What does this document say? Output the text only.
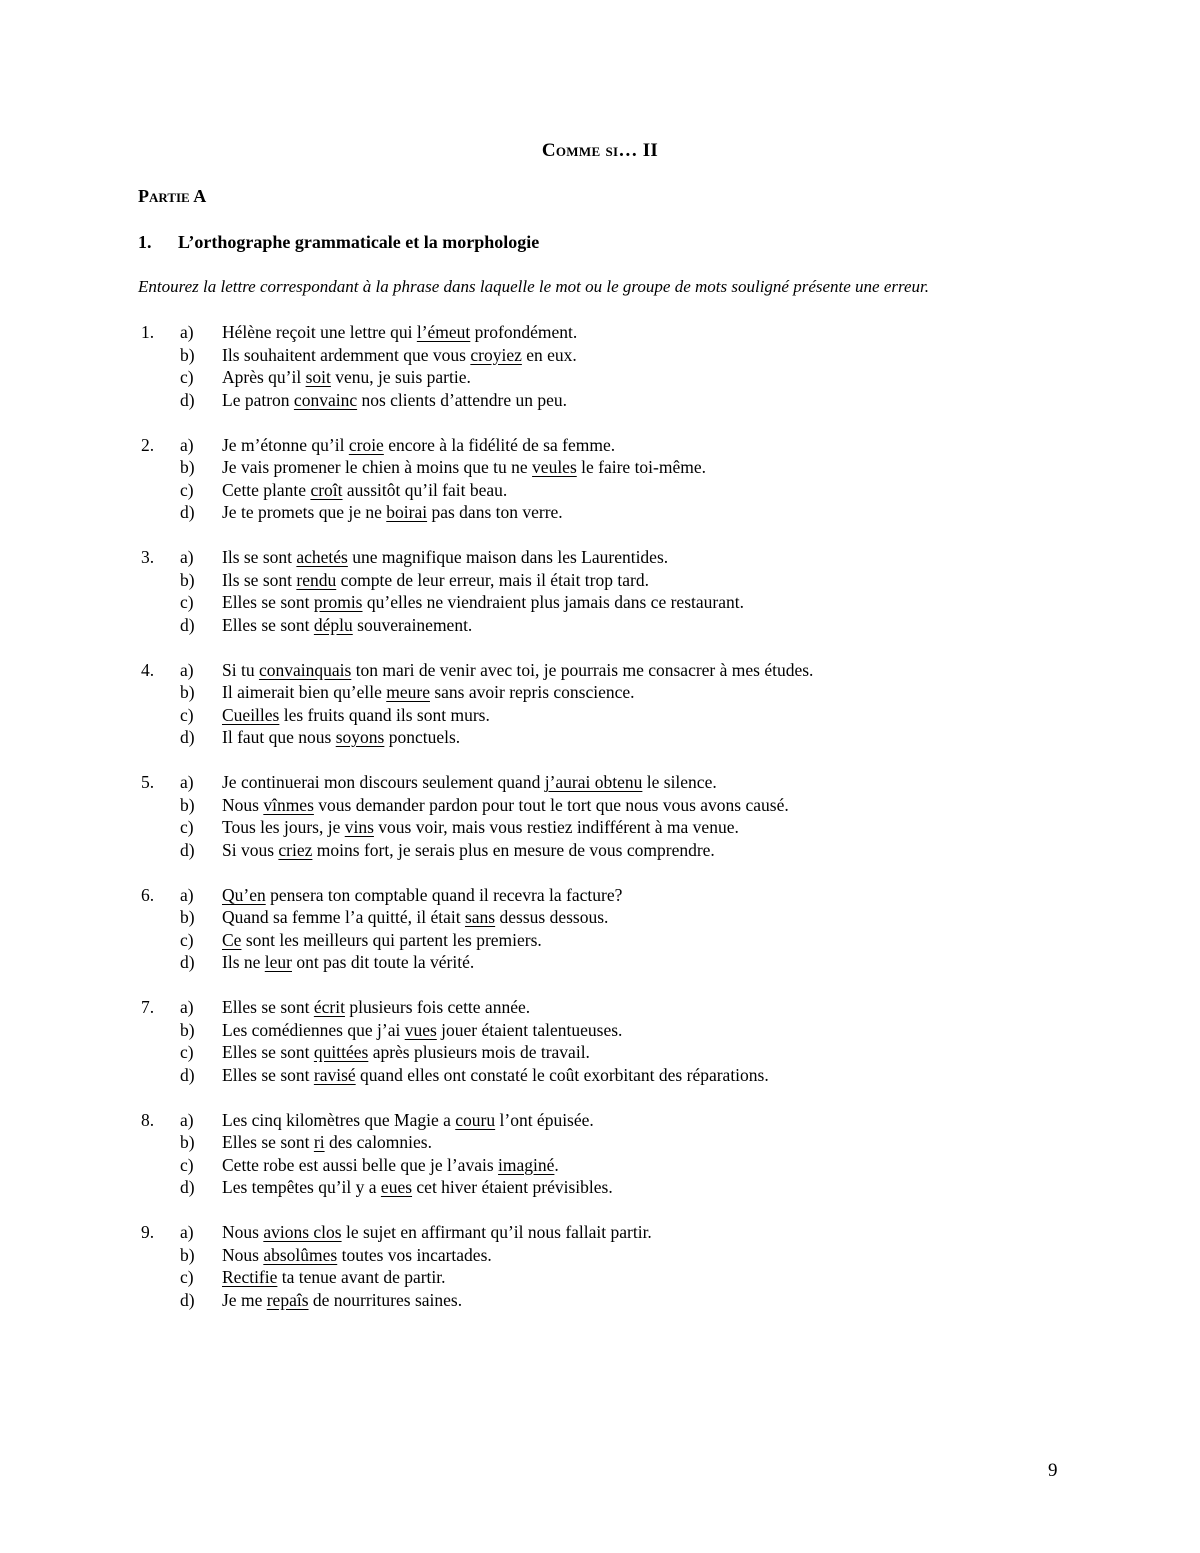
Comme si… II
Partie A
1. L’orthographe grammaticale et la morphologie
Entourez la lettre correspondant à la phrase dans laquelle le mot ou le groupe de mots souligné présente une erreur.
1. a) Hélène reçoit une lettre qui l’émeut profondément.
b) Ils souhaitent ardemment que vous croyiez en eux.
c) Après qu’il soit venu, je suis partie.
d) Le patron convainc nos clients d’attendre un peu.
2. a) Je m’étonne qu’il croie encore à la fidélité de sa femme.
b) Je vais promener le chien à moins que tu ne veules le faire toi-même.
c) Cette plante croît aussitôt qu’il fait beau.
d) Je te promets que je ne boirai pas dans ton verre.
3. a) Ils se sont achetés une magnifique maison dans les Laurentides.
b) Ils se sont rendu compte de leur erreur, mais il était trop tard.
c) Elles se sont promis qu’elles ne viendraient plus jamais dans ce restaurant.
d) Elles se sont déplu souverainement.
4. a) Si tu convainquais ton mari de venir avec toi, je pourrais me consacrer à mes études.
b) Il aimerait bien qu’elle meure sans avoir repris conscience.
c) Cueilles les fruits quand ils sont murs.
d) Il faut que nous soyons ponctuels.
5. a) Je continuerai mon discours seulement quand j’aurai obtenu le silence.
b) Nous vînmes vous demander pardon pour tout le tort que nous vous avons causé.
c) Tous les jours, je vins vous voir, mais vous restiez indifférent à ma venue.
d) Si vous criez moins fort, je serais plus en mesure de vous comprendre.
6. a) Qu’en pensera ton comptable quand il recevra la facture?
b) Quand sa femme l’a quitté, il était sans dessus dessous.
c) Ce sont les meilleurs qui partent les premiers.
d) Ils ne leur ont pas dit toute la vérité.
7. a) Elles se sont écrit plusieurs fois cette année.
b) Les comédiennes que j’ai vues jouer étaient talentueuses.
c) Elles se sont quittées après plusieurs mois de travail.
d) Elles se sont ravisé quand elles ont constaté le coût exorbitant des réparations.
8. a) Les cinq kilomètres que Magie a couru l’ont épuisée.
b) Elles se sont ri des calomnies.
c) Cette robe est aussi belle que je l’avais imaginé.
d) Les tempêtes qu’il y a eues cet hiver étaient prévisibles.
9. a) Nous avions clos le sujet en affirmant qu’il nous fallait partir.
b) Nous absolûmes toutes vos incartades.
c) Rectifie ta tenue avant de partir.
d) Je me repaîs de nourritures saines.
9
